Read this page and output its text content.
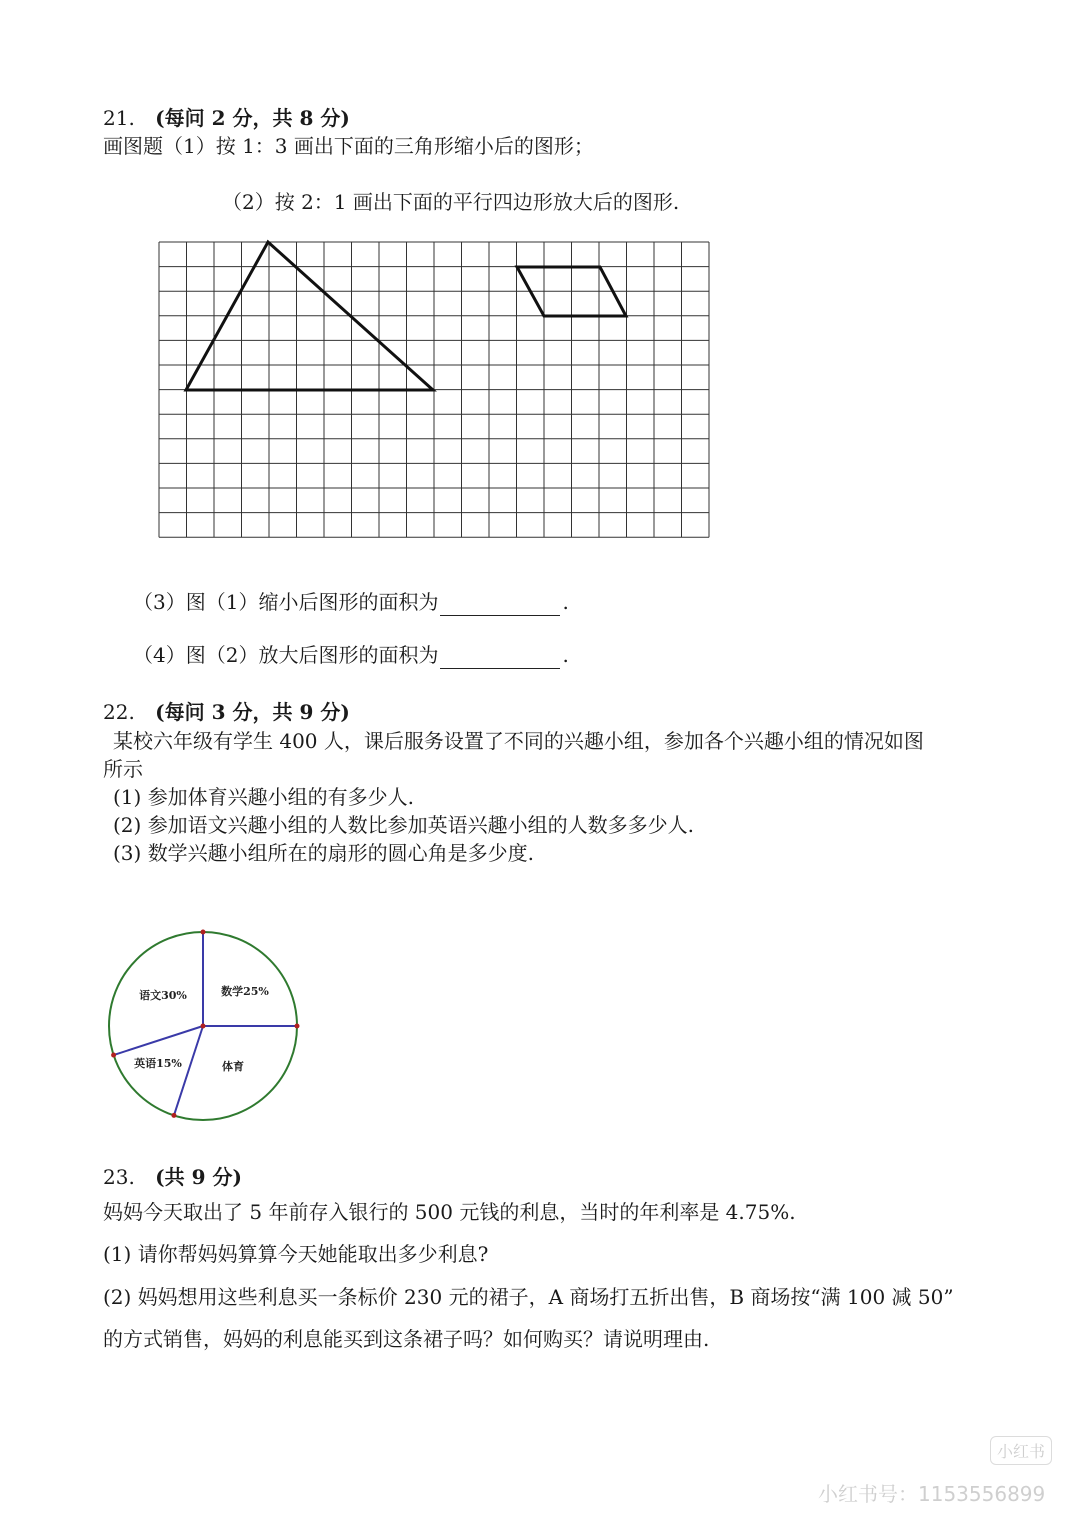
21. (每问 2 分，共 8 分)
画图题（1）按 1：3 画出下面的三角形缩小后的图形；
（2）按 2：1 画出下面的平行四边形放大后的图形.
（3）图（1）缩小后图形的面积为	.
（4）图（2）放大后图形的面积为	.
22. (每问 3 分，共 9 分)
某校六年级有学生 400 人，课后服务设置了不同的兴趣小组，参加各个兴趣小组的情况如图
所示
(1) 参加体育兴趣小组的有多少人.
(2) 参加语文兴趣小组的人数比参加英语兴趣小组的人数多多少人.
(3) 数学兴趣小组所在的扇形的圆心角是多少度.
数学25%
体育
英语15%
语文30%
23. (共 9 分)
妈妈今天取出了 5 年前存入银行的 500 元钱的利息，当时的年利率是 4.75%.
(1) 请你帮妈妈算算今天她能取出多少利息?
(2) 妈妈想用这些利息买一条标价 230 元的裙子，A 商场打五折出售，B 商场按“满 100 减 50”
的方式销售，妈妈的利息能买到这条裙子吗？如何购买？请说明理由.
小红书
小红书号：1153556899
